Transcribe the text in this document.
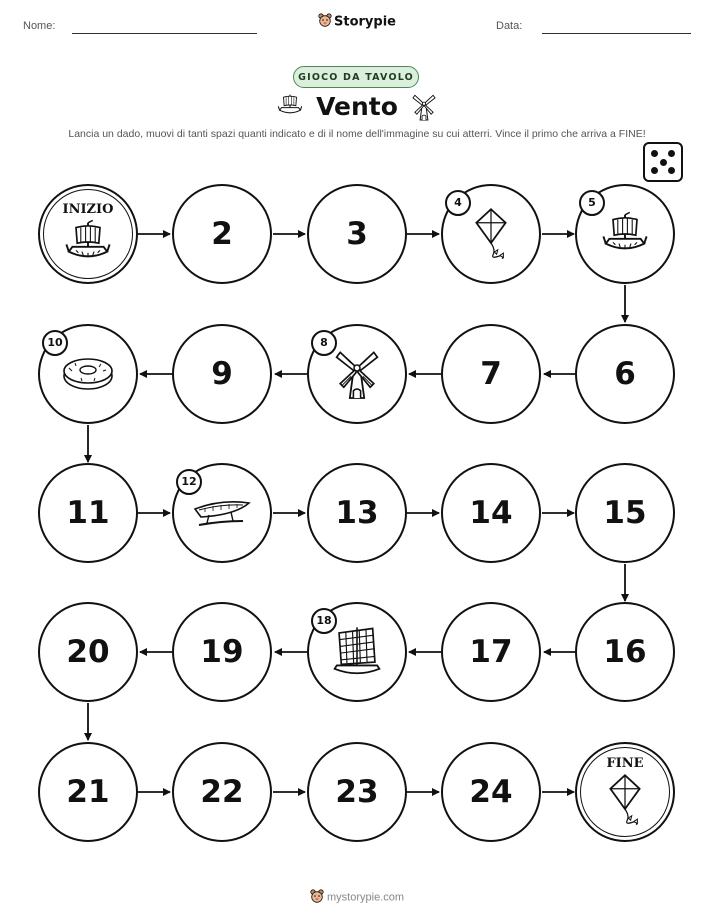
Nome:	Storypie	Data:
GIOCO DA TAVOLO
Vento
Lancia un dado, muovi di tanti spazi quanti indicato e di il nome dell'immagine su cui atterri. Vince il primo che arriva a FINE!
INIZIO
2	3
4	5
6
7
8
9
10
11
12
13	14	15
16
17
18
19
20
21	22	23	24
FINE
mystorypie.com
